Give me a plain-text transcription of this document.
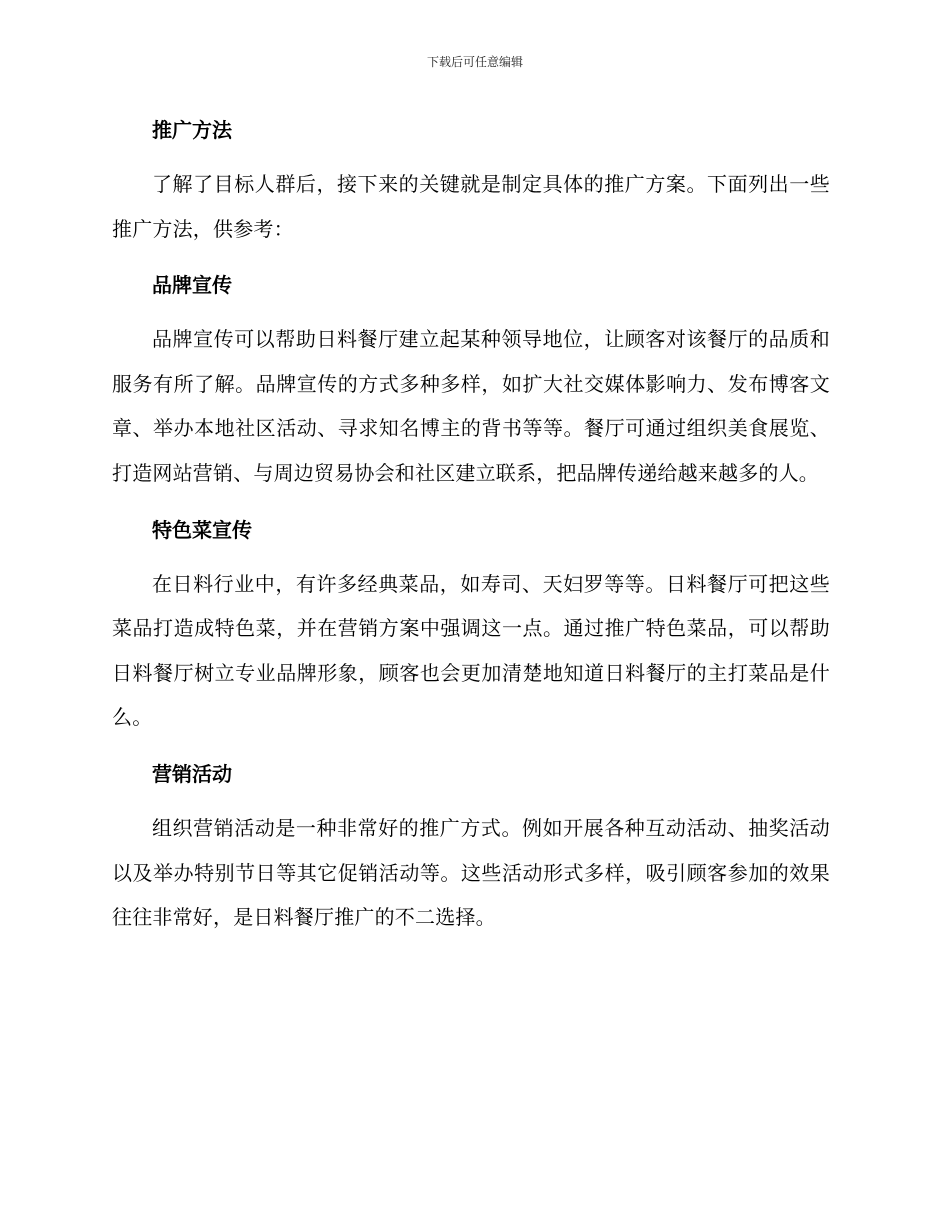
下载后可任意编辑
推广方法

了解了目标人群后，接下来的关键就是制定具体的推广方案。下面列出一些推广方法，供参考：

品牌宣传

品牌宣传可以帮助日料餐厅建立起某种领导地位，让顾客对该餐厅的品质和服务有所了解。品牌宣传的方式多种多样，如扩大社交媒体影响力、发布博客文章、举办本地社区活动、寻求知名博主的背书等等。餐厅可通过组织美食展览、打造网站营销、与周边贸易协会和社区建立联系，把品牌传递给越来越多的人。

特色菜宣传

在日料行业中，有许多经典菜品，如寿司、天妇罗等等。日料餐厅可把这些菜品打造成特色菜，并在营销方案中强调这一点。通过推广特色菜品，可以帮助日料餐厅树立专业品牌形象，顾客也会更加清楚地知道日料餐厅的主打菜品是什么。

营销活动

组织营销活动是一种非常好的推广方式。例如开展各种互动活动、抽奖活动以及举办特别节日等其它促销活动等。这些活动形式多样，吸引顾客参加的效果往往非常好，是日料餐厅推广的不二选择。
